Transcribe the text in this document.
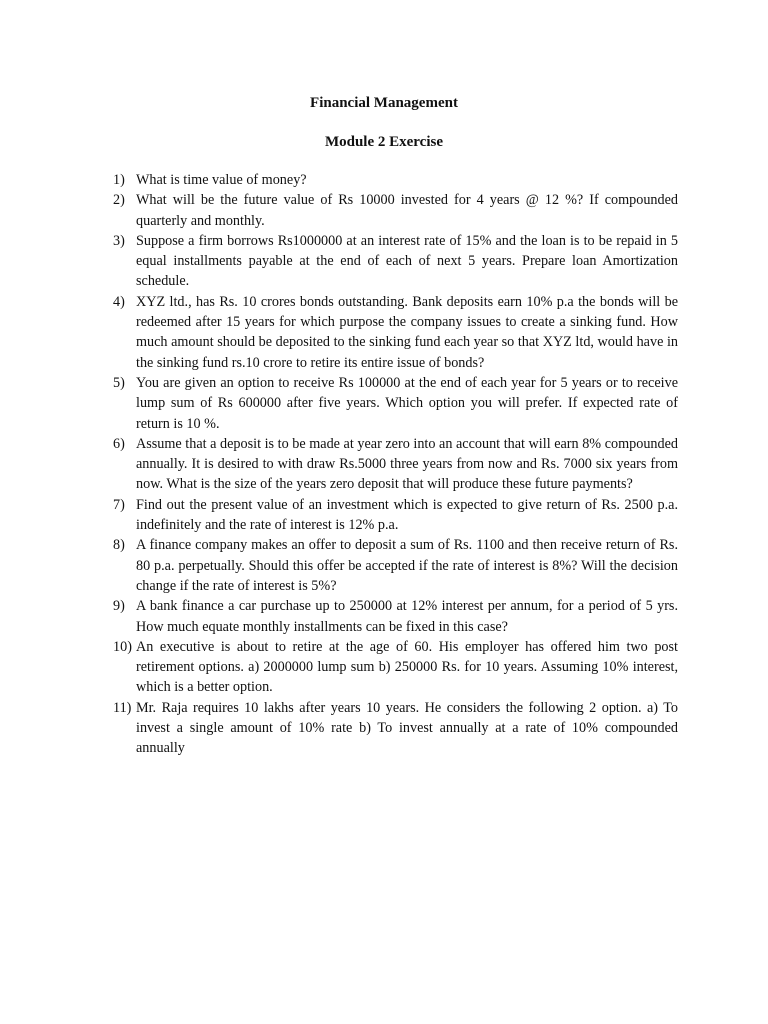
Financial Management
Module 2 Exercise
1) What is time value of money?
2) What will be the future value of Rs 10000 invested for 4 years @ 12 %? If compounded quarterly and monthly.
3) Suppose a firm borrows Rs1000000 at an interest rate of 15% and the loan is to be repaid in 5 equal installments payable at the end of each of next 5 years. Prepare loan Amortization schedule.
4) XYZ ltd., has Rs. 10 crores bonds outstanding. Bank deposits earn 10% p.a the bonds will be redeemed after 15 years for which purpose the company issues to create a sinking fund. How much amount should be deposited to the sinking fund each year so that XYZ ltd, would have in the sinking fund rs.10 crore to retire its entire issue of bonds?
5) You are given an option to receive Rs 100000 at the end of each year for 5 years or to receive lump sum of Rs 600000 after five years. Which option you will prefer. If expected rate of return is 10 %.
6) Assume that a deposit is to be made at year zero into an account that will earn 8% compounded annually. It is desired to with draw Rs.5000 three years from now and Rs. 7000 six years from now. What is the size of the years zero deposit that will produce these future payments?
7) Find out the present value of an investment which is expected to give return of Rs. 2500 p.a. indefinitely and the rate of interest is 12% p.a.
8) A finance company makes an offer to deposit a sum of Rs. 1100 and then receive return of Rs. 80 p.a. perpetually. Should this offer be accepted if the rate of interest is 8%? Will the decision change if the rate of interest is 5%?
9) A bank finance a car purchase up to 250000 at 12% interest per annum, for a period of 5 yrs. How much equate monthly installments can be fixed in this case?
10) An executive is about to retire at the age of 60. His employer has offered him two post retirement options. a) 2000000 lump sum b) 250000 Rs. for 10 years. Assuming 10% interest, which is a better option.
11) Mr. Raja requires 10 lakhs after years 10 years. He considers the following 2 option. a) To invest a single amount of 10% rate b) To invest annually at a rate of 10% compounded annually
